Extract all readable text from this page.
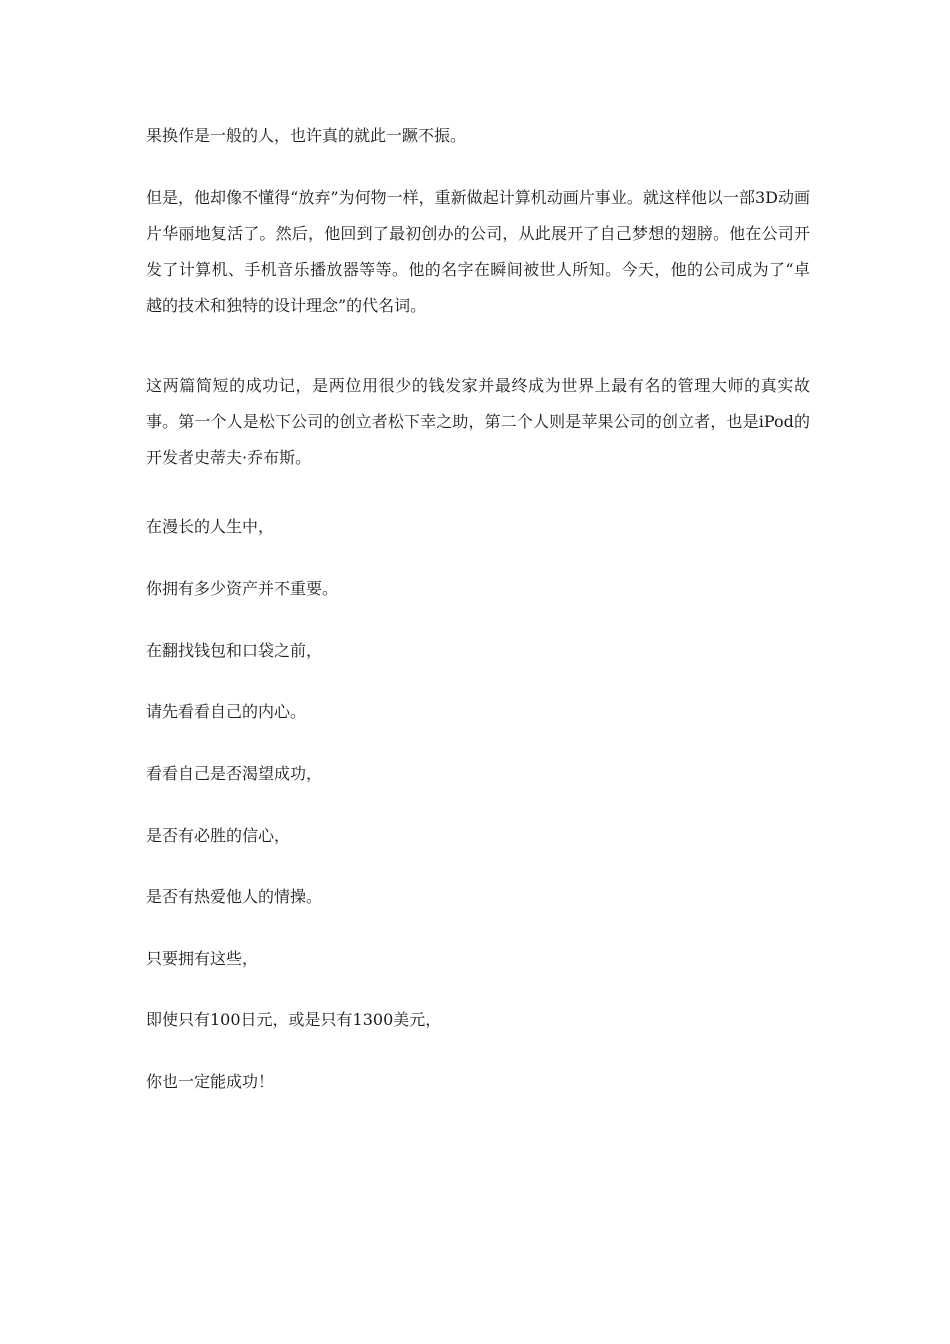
果换作是一般的人，也许真的就此一蹶不振。

但是，他却像不懂得“放弃”为何物一样，重新做起计算机动画片事业。就这样他以一部3D动画片华丽地复活了。然后，他回到了最初创办的公司，从此展开了自己梦想的翅膀。他在公司开发了计算机、手机音乐播放器等等。他的名字在瞬间被世人所知。今天，他的公司成为了“卓越的技术和独特的设计理念”的代名词。

这两篇简短的成功记，是两位用很少的钱发家并最终成为世界上最有名的管理大师的真实故事。第一个人是松下公司的创立者松下幸之助，第二个人则是苹果公司的创立者，也是iPod的开发者史蒂夫·乔布斯。

在漫长的人生中，

你拥有多少资产并不重要。

在翻找钱包和口袋之前，

请先看看自己的内心。

看看自己是否渴望成功，

是否有必胜的信心，

是否有热爱他人的情操。

只要拥有这些，

即使只有100日元，或是只有1300美元，

你也一定能成功！
